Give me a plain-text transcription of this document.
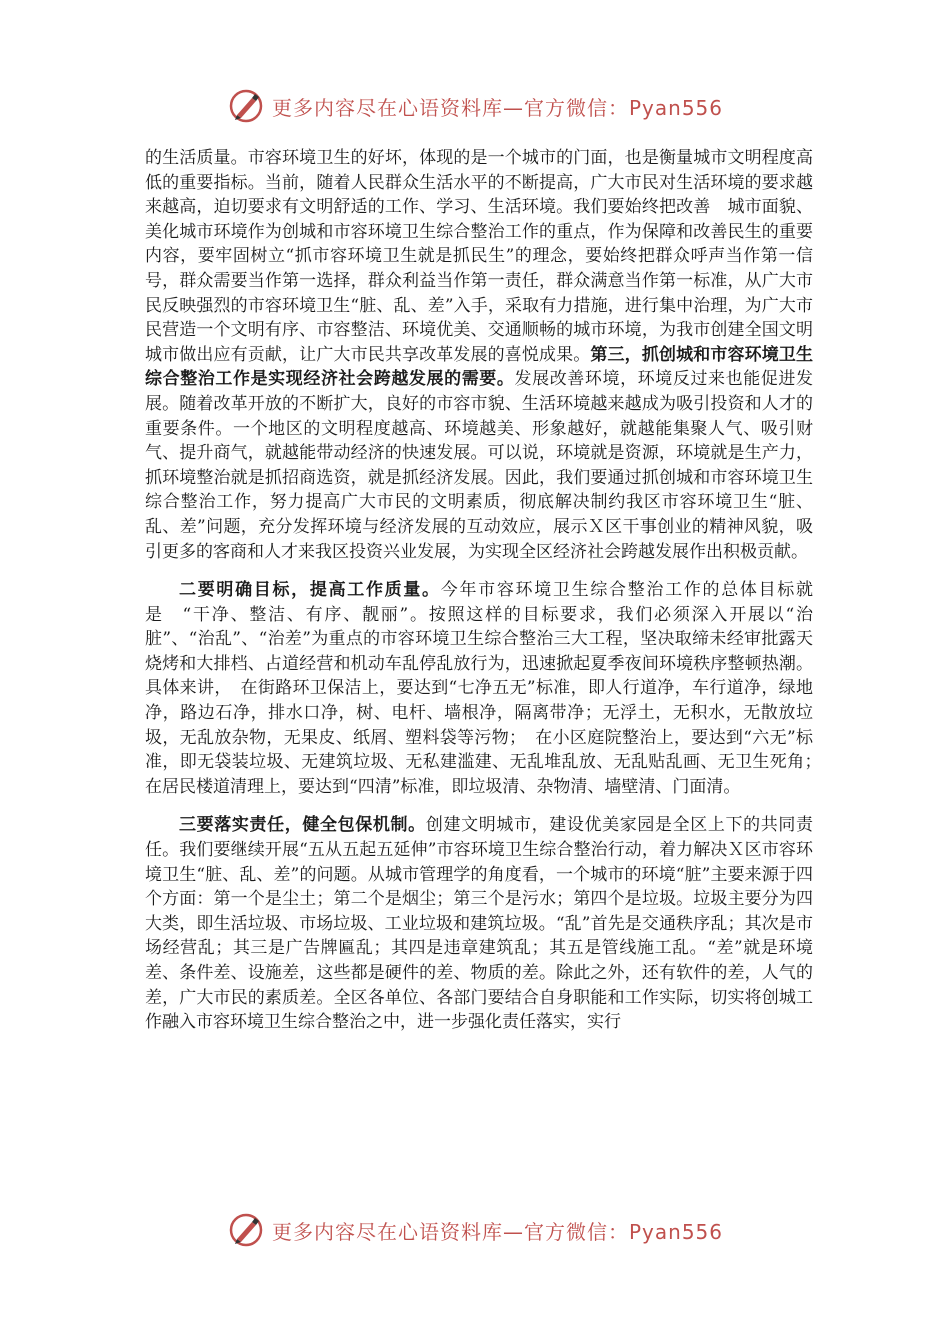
更多内容尽在心语资料库—官方微信：Pyan556

的生活质量。市容环境卫生的好坏，体现的是一个城市的门面，也是衡量城市文明程度高低的重要指标。当前，随着人民群众生活水平的不断提高，广大市民对生活环境的要求越来越高，迫切要求有文明舒适的工作、学习、生活环境。我们要始终把改善　城市面貌、美化城市环境作为创城和市容环境卫生综合整治工作的重点，作为保障和改善民生的重要内容，要牢固树立“抓市容环境卫生就是抓民生”的理念，要始终把群众呼声当作第一信号，群众需要当作第一选择，群众利益当作第一责任，群众满意当作第一标准，从广大市民反映强烈的市容环境卫生“脏、乱、差”入手，采取有力措施，进行集中治理，为广大市民营造一个文明有序、市容整洁、环境优美、交通顺畅的城市环境，为我市创建全国文明城市做出应有贡献，让广大市民共享改革发展的喜悦成果。第三，抓创城和市容环境卫生综合整治工作是实现经济社会跨越发展的需要。发展改善环境，环境反过来也能促进发展。随着改革开放的不断扩大，良好的市容市貌、生活环境越来越成为吸引投资和人才的重要条件。一个地区的文明程度越高、环境越美、形象越好，就越能集聚人气、吸引财气、提升商气，就越能带动经济的快速发展。可以说，环境就是资源，环境就是生产力，抓环境整治就是抓招商选资，就是抓经济发展。因此，我们要通过抓创城和市容环境卫生综合整治工作，努力提高广大市民的文明素质，彻底解决制约我区市容环境卫生“脏、乱、差”问题，充分发挥环境与经济发展的互动效应，展示Ｘ区干事创业的精神风貌，吸引更多的客商和人才来我区投资兴业发展，为实现全区经济社会跨越发展作出积极贡献。

二要明确目标，提高工作质量。今年市容环境卫生综合整治工作的总体目标就是　“干净、整洁、有序、靓丽”。按照这样的目标要求，我们必须深入开展以“治脏”、“治乱”、“治差”为重点的市容环境卫生综合整治三大工程，坚决取缔未经审批露天烧烤和大排档、占道经营和机动车乱停乱放行为，迅速掀起夏季夜间环境秩序整顿热潮。具体来讲，　在街路环卫保洁上，要达到“七净五无”标准，即人行道净，车行道净，绿地净，路边石净，排水口净，树、电杆、墙根净，隔离带净；无浮土，无积水，无散放垃圾，无乱放杂物，无果皮、纸屑、塑料袋等污物；　在小区庭院整治上，要达到“六无”标准，即无袋装垃圾、无建筑垃圾、无私建滥建、无乱堆乱放、无乱贴乱画、无卫生死角；　在居民楼道清理上，要达到“四清”标准，即垃圾清、杂物清、墙壁清、门面清。

三要落实责任，健全包保机制。创建文明城市，建设优美家园是全区上下的共同责任。我们要继续开展“五从五起五延伸”市容环境卫生综合整治行动，着力解决Ｘ区市容环境卫生“脏、乱、差”的问题。从城市管理学的角度看，一个城市的环境“脏”主要来源于四个方面：第一个是尘土；第二个是烟尘；第三个是污水；第四个是垃圾。垃圾主要分为四大类，即生活垃圾、市场垃圾、工业垃圾和建筑垃圾。“乱”首先是交通秩序乱；其次是市场经营乱；其三是广告牌匾乱；其四是违章建筑乱；其五是管线施工乱。“差”就是环境差、条件差、设施差，这些都是硬件的差、物质的差。除此之外，还有软件的差，人气的差，广大市民的素质差。全区各单位、各部门要结合自身职能和工作实际，切实将创城工作融入市容环境卫生综合整治之中，进一步强化责任落实，实行

更多内容尽在心语资料库—官方微信：Pyan556
